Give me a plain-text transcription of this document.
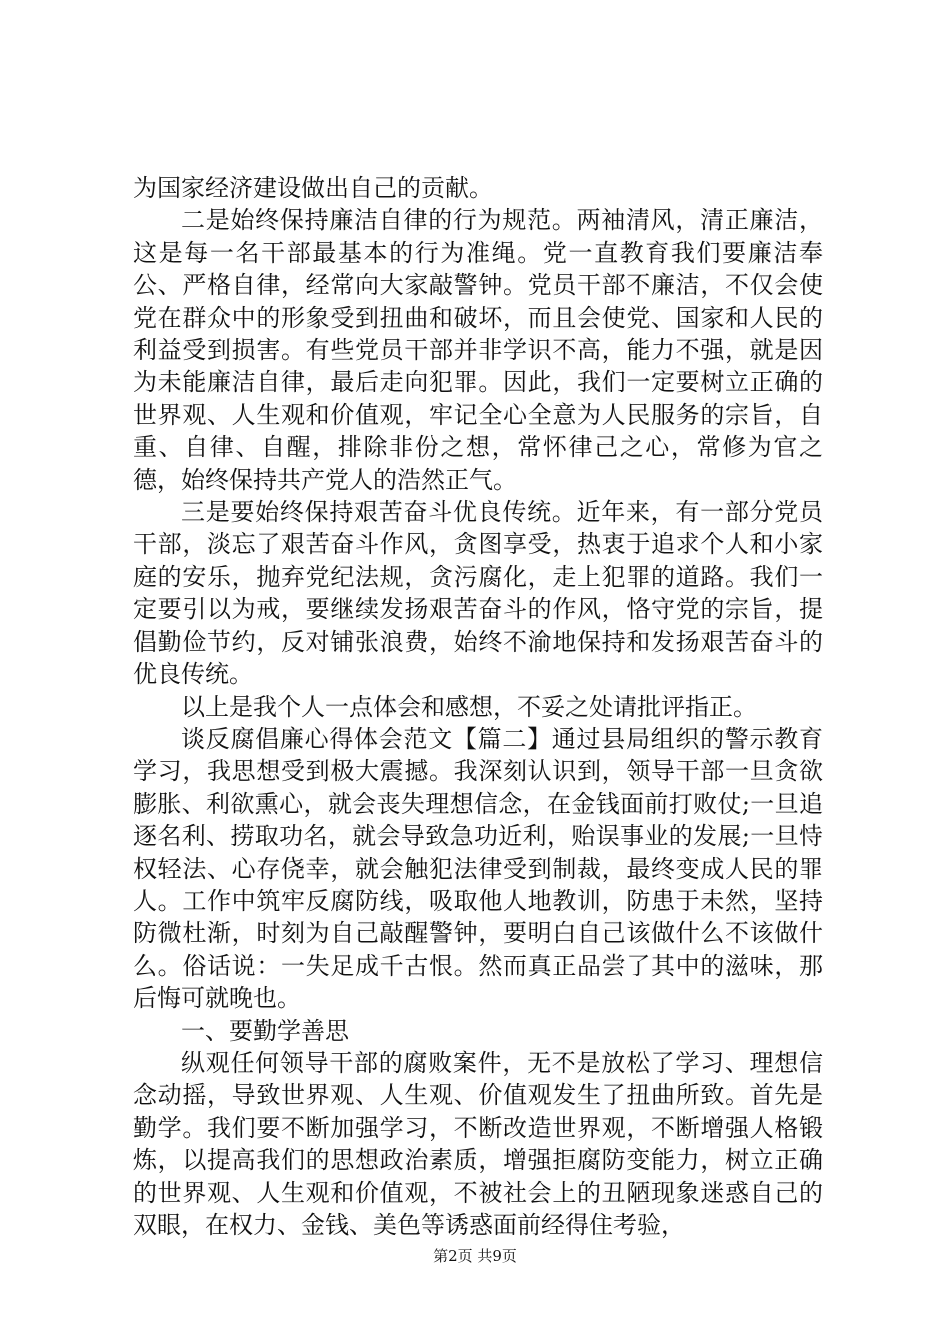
为国家经济建设做出自己的贡献。

二是始终保持廉洁自律的行为规范。两袖清风，清正廉洁，这是每一名干部最基本的行为准绳。党一直教育我们要廉洁奉公、严格自律，经常向大家敲警钟。党员干部不廉洁，不仅会使党在群众中的形象受到扭曲和破坏，而且会使党、国家和人民的利益受到损害。有些党员干部并非学识不高，能力不强，就是因为未能廉洁自律，最后走向犯罪。因此，我们一定要树立正确的世界观、人生观和价值观，牢记全心全意为人民服务的宗旨，自重、自律、自醒，排除非份之想，常怀律己之心，常修为官之德，始终保持共产党人的浩然正气。

三是要始终保持艰苦奋斗优良传统。近年来，有一部分党员干部，淡忘了艰苦奋斗作风，贪图享受，热衷于追求个人和小家庭的安乐，抛弃党纪法规，贪污腐化，走上犯罪的道路。我们一定要引以为戒，要继续发扬艰苦奋斗的作风，恪守党的宗旨，提倡勤俭节约，反对铺张浪费，始终不渝地保持和发扬艰苦奋斗的优良传统。

以上是我个人一点体会和感想，不妥之处请批评指正。

谈反腐倡廉心得体会范文【篇二】通过县局组织的警示教育学习，我思想受到极大震撼。我深刻认识到，领导干部一旦贪欲膨胀、利欲熏心，就会丧失理想信念，在金钱面前打败仗;一旦追逐名利、捞取功名，就会导致急功近利，贻误事业的发展;一旦恃权轻法、心存侥幸，就会触犯法律受到制裁，最终变成人民的罪人。工作中筑牢反腐防线，吸取他人地教训，防患于未然，坚持防微杜渐，时刻为自己敲醒警钟，要明白自己该做什么不该做什么。俗话说：一失足成千古恨。然而真正品尝了其中的滋味，那后悔可就晚也。

一、要勤学善思

纵观任何领导干部的腐败案件，无不是放松了学习、理想信念动摇，导致世界观、人生观、价值观发生了扭曲所致。首先是勤学。我们要不断加强学习，不断改造世界观，不断增强人格锻炼，以提高我们的思想政治素质，增强拒腐防变能力，树立正确的世界观、人生观和价值观，不被社会上的丑陋现象迷惑自己的双眼，在权力、金钱、美色等诱惑面前经得住考验，

第2页 共9页
